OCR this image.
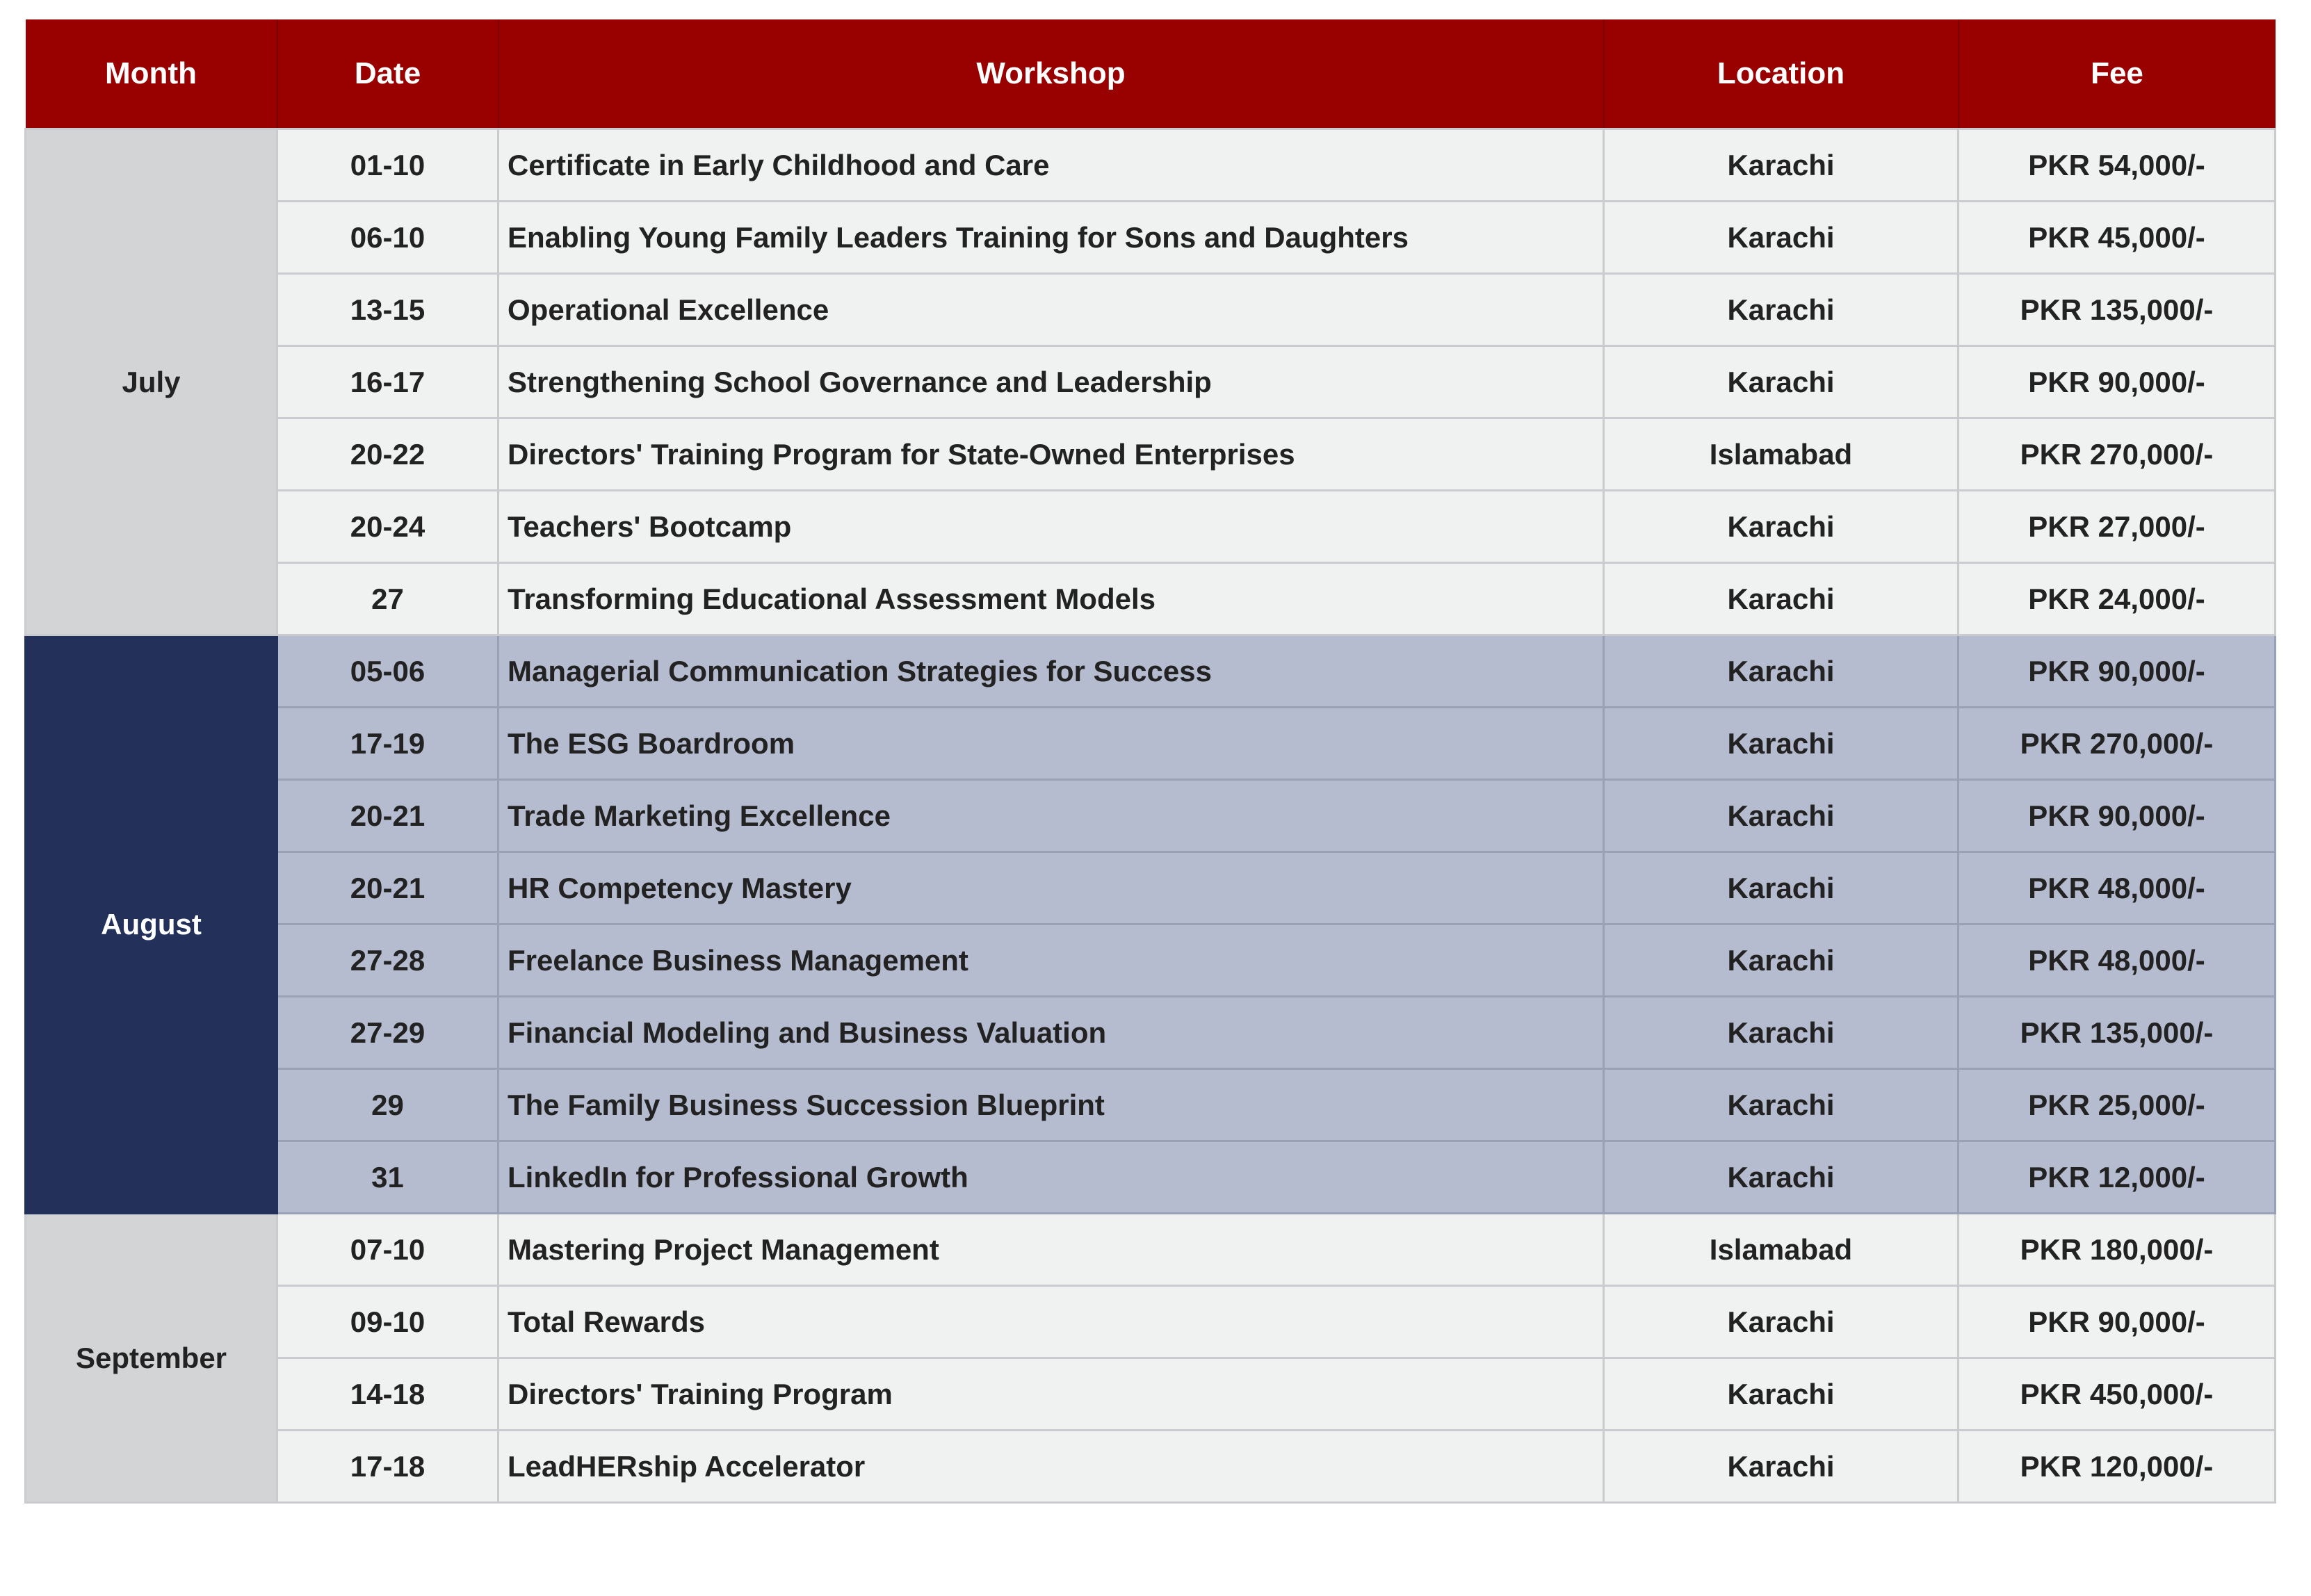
Month	Date	Workshop	Location	Fee
July	01-10	Certificate in Early Childhood and Care	Karachi	PKR 54,000/-
	06-10	Enabling Young Family Leaders Training for Sons and Daughters	Karachi	PKR 45,000/-
	13-15	Operational Excellence	Karachi	PKR 135,000/-
	16-17	Strengthening School Governance and Leadership	Karachi	PKR 90,000/-
	20-22	Directors' Training Program for State-Owned Enterprises	Islamabad	PKR 270,000/-
	20-24	Teachers' Bootcamp	Karachi	PKR 27,000/-
	27	Transforming Educational Assessment Models	Karachi	PKR 24,000/-
August	05-06	Managerial Communication Strategies for Success	Karachi	PKR 90,000/-
	17-19	The ESG Boardroom	Karachi	PKR 270,000/-
	20-21	Trade Marketing Excellence	Karachi	PKR 90,000/-
	20-21	HR Competency Mastery	Karachi	PKR 48,000/-
	27-28	Freelance Business Management	Karachi	PKR 48,000/-
	27-29	Financial Modeling and Business Valuation	Karachi	PKR 135,000/-
	29	The Family Business Succession Blueprint	Karachi	PKR 25,000/-
	31	LinkedIn for Professional Growth	Karachi	PKR 12,000/-
September	07-10	Mastering Project Management	Islamabad	PKR 180,000/-
	09-10	Total Rewards	Karachi	PKR 90,000/-
	14-18	Directors' Training Program	Karachi	PKR 450,000/-
	17-18	LeadHERship Accelerator	Karachi	PKR 120,000/-
